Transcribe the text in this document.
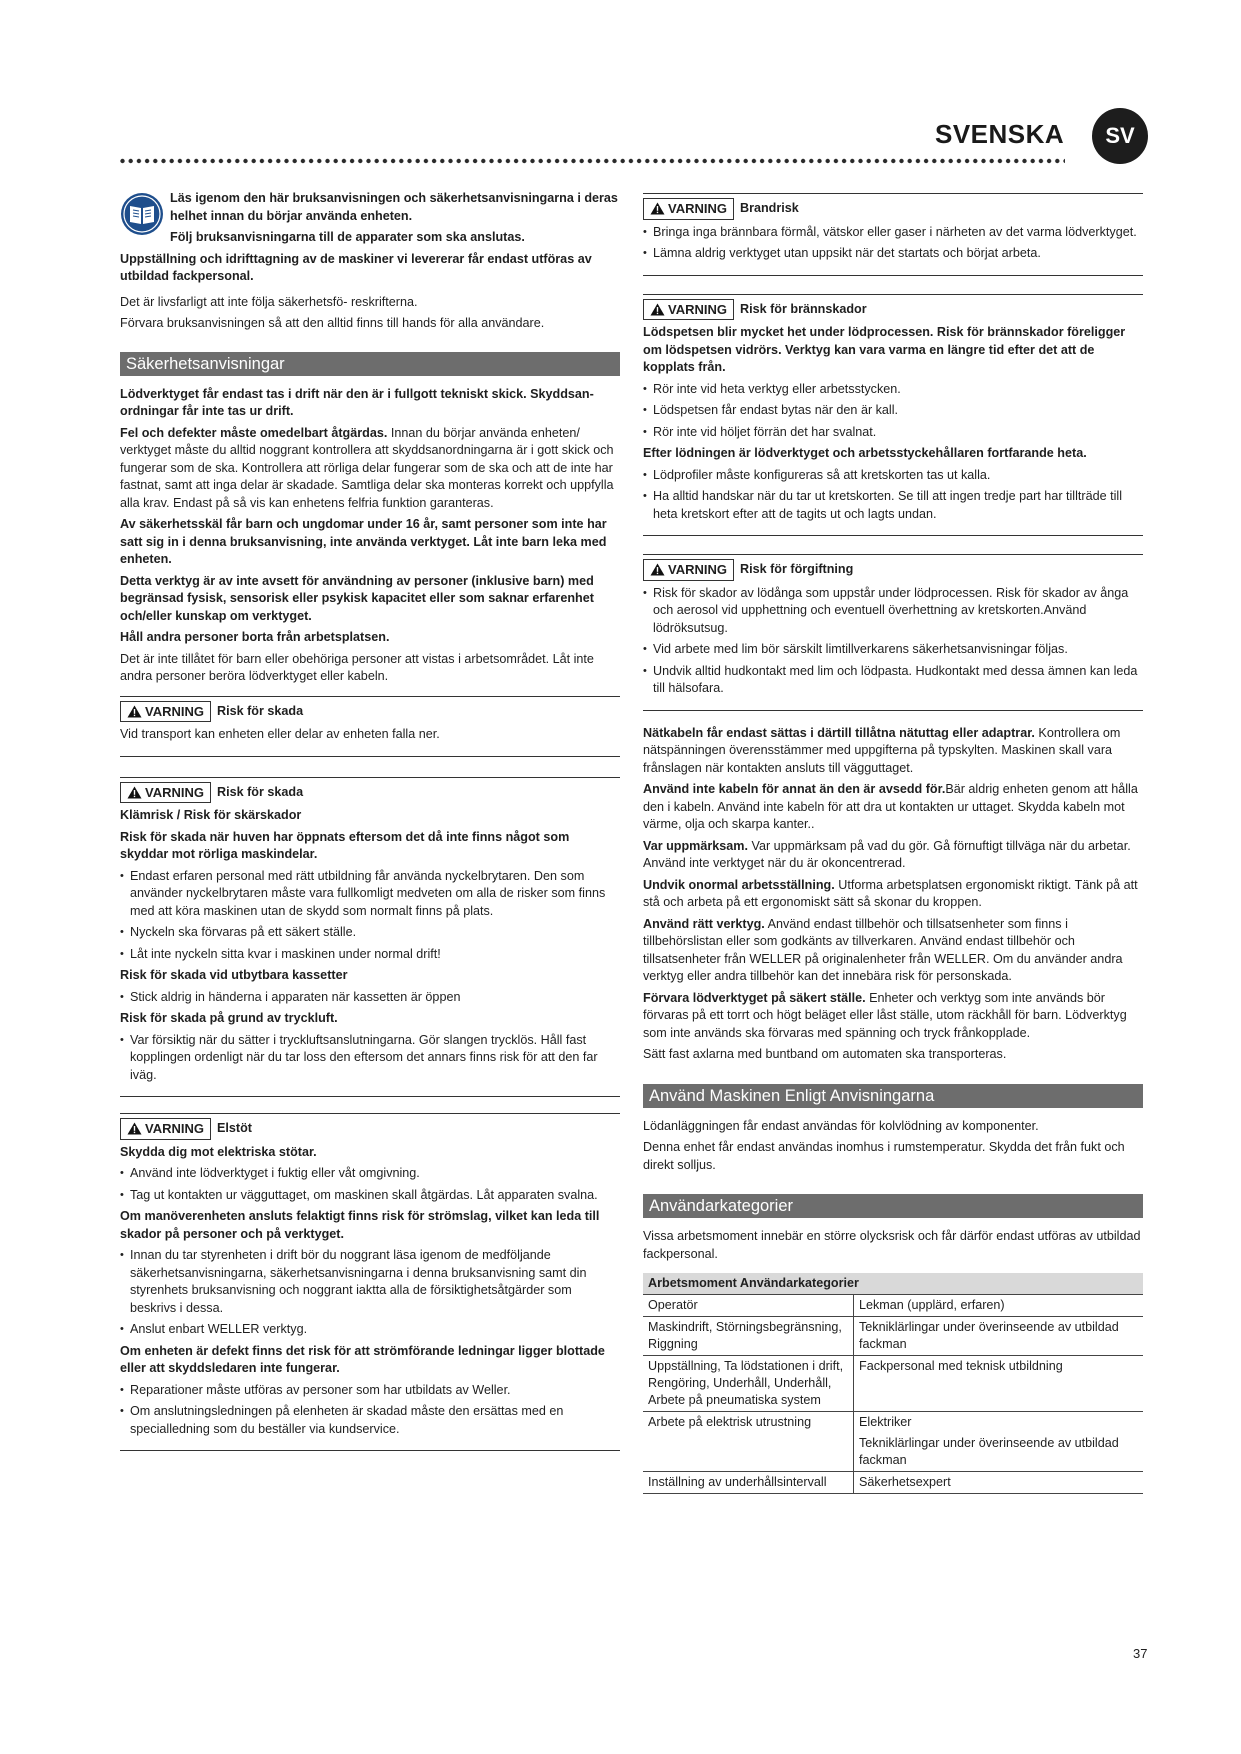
SVENSKA	SV

Läs igenom den här bruksanvisningen och säkerhetsanvisningarna i deras helhet innan du börjar använda enheten.

Följ bruksanvisningarna till de apparater som ska anslutas.

Uppställning och idrifttagning av de maskiner vi levererar får endast utföras av utbildad fackpersonal.

Det är livsfarligt att inte följa säkerhetsfö- reskrifterna.

Förvara bruksanvisningen så att den alltid finns till hands för alla användare.

Säkerhetsanvisningar

Lödverktyget får endast tas i drift när den är i fullgott tekniskt skick. Skyddsan- ordningar får inte tas ur drift.

Fel och defekter måste omedelbart åtgärdas. Innan du börjar använda enheten/ verktyget måste du alltid noggrant kontrollera att skyddsanordningarna är i gott skick och fungerar som de ska. Kontrollera att rörliga delar fungerar som de ska och att de inte har fastnat, samt att inga delar är skadade. Samtliga delar ska monteras korrekt och uppfylla alla krav. Endast på så vis kan enhetens felfria funktion garanteras.

Av säkerhetsskäl får barn och ungdomar under 16 år, samt personer som inte har satt sig in i denna bruksanvisning, inte använda verktyget. Låt inte barn leka med enheten.

Detta verktyg är av inte avsett för användning av personer (inklusive barn) med begränsad fysisk, sensorisk eller psykisk kapacitet eller som saknar erfarenhet och/eller kunskap om verktyget.

Håll andra personer borta från arbetsplatsen.

Det är inte tillåtet för barn eller obehöriga personer att vistas i arbetsområdet. Låt inte andra personer beröra lödverktyget eller kabeln.

VARNING	Risk för skada

Vid transport kan enheten eller delar av enheten falla ner.

VARNING	Risk för skada

Klämrisk / Risk för skärskador

Risk för skada när huven har öppnats eftersom det då inte finns något som skyddar mot rörliga maskindelar.

• Endast erfaren personal med rätt utbildning får använda nyckelbrytaren. Den som använder nyckelbrytaren måste vara fullkomligt medveten om alla de risker som finns med att köra maskinen utan de skydd som normalt finns på plats.
• Nyckeln ska förvaras på ett säkert ställe.
• Låt inte nyckeln sitta kvar i maskinen under normal drift!

Risk för skada vid utbytbara kassetter

• Stick aldrig in händerna i apparaten när kassetten är öppen

Risk för skada på grund av tryckluft.

• Var försiktig när du sätter i tryckluftsanslutningarna. Gör slangen trycklös. Håll fast kopplingen ordenligt när du tar loss den eftersom det annars finns risk för att den far iväg.
VARNING	Elstöt

Skydda dig mot elektriska stötar.

• Använd inte lödverktyget i fuktig eller våt omgivning.
• Tag ut kontakten ur vägguttaget, om maskinen skall åtgärdas. Låt apparaten svalna.

Om manöverenheten ansluts felaktigt finns risk för strömslag, vilket kan leda till skador på personer och på verktyget.

• Innan du tar styrenheten i drift bör du noggrant läsa igenom de medföljande säkerhetsanvisningarna, säkerhetsanvisningarna i denna bruksanvisning samt din styrenhets bruksanvisning och noggrant iaktta alla de försiktighetsåtgärder som beskrivs i dessa.
• Anslut enbart WELLER verktyg.

Om enheten är defekt finns det risk för att strömförande ledningar ligger blottade eller att skyddsledaren inte fungerar.

• Reparationer måste utföras av personer som har utbildats av Weller.
• Om anslutningsledningen på elenheten är skadad måste den ersättas med en specialledning som du beställer via kundservice.
VARNING	Brandrisk
• Bringa inga brännbara förmål, vätskor eller gaser i närheten av det varma lödverktyget.
• Lämna aldrig verktyget utan uppsikt när det startats och börjat arbeta.
VARNING	Risk för brännskador

Lödspetsen blir mycket het under lödprocessen. Risk för brännskador föreligger om lödspetsen vidrörs. Verktyg kan vara varma en längre tid efter det att de kopplats från.

• Rör inte vid heta verktyg eller arbetsstycken.
• Lödspetsen får endast bytas när den är kall.
• Rör inte vid höljet förrän det har svalnat.

Efter lödningen är lödverktyget och arbetsstyckehållaren fortfarande heta.

• Lödprofiler måste konfigureras så att kretskorten tas ut kalla.
• Ha alltid handskar när du tar ut kretskorten. Se till att ingen tredje part har tillträde till heta kretskort efter att de tagits ut och lagts undan.
VARNING	Risk för förgiftning
• Risk för skador av lödånga som uppstår under lödprocessen. Risk för skador av ånga och aerosol vid upphettning och eventuell överhettning av kretskorten.Använd lödröksutsug.
• Vid arbete med lim bör särskilt limtillverkarens säkerhetsanvisningar följas.
• Undvik alltid hudkontakt med lim och lödpasta. Hudkontakt med dessa ämnen kan leda till hälsofara.

Nätkabeln får endast sättas i därtill tillåtna nätuttag eller adaptrar. Kontrollera om nätspänningen överensstämmer med uppgifterna på typskylten. Maskinen skall vara frånslagen när kontakten ansluts till vägguttaget.

Använd inte kabeln för annat än den är avsedd för.Bär aldrig enheten genom att hålla den i kabeln. Använd inte kabeln för att dra ut kontakten ur uttaget. Skydda kabeln mot värme, olja och skarpa kanter..

Var uppmärksam. Var uppmärksam på vad du gör. Gå förnuftigt tillväga när du arbetar. Använd inte verktyget när du är okoncentrerad.

Undvik onormal arbetsställning. Utforma arbetsplatsen ergonomiskt riktigt. Tänk på att stå och arbeta på ett ergonomiskt sätt så skonar du kroppen.

Använd rätt verktyg. Använd endast tillbehör och tillsatsenheter som finns i tillbehörslistan eller som godkänts av tillverkaren. Använd endast tillbehör och tillsatsenheter från WELLER på originalenheter från WELLER. Om du använder andra verktyg eller andra tillbehör kan det innebära risk för personskada.

Förvara lödverktyget på säkert ställe. Enheter och verktyg som inte används bör förvaras på ett torrt och högt beläget eller låst ställe, utom räckhåll för barn. Lödverktyg som inte används ska förvaras med spänning och tryck frånkopplade.

Sätt fast axlarna med buntband om automaten ska transporteras.

Använd Maskinen Enligt Anvisningarna

Lödanläggningen får endast användas för kolvlödning av komponenter.

Denna enhet får endast användas inomhus i rumstemperatur. Skydda det från fukt och direkt solljus.

Användarkategorier

Vissa arbetsmoment innebär en större olycksrisk och får därför endast utföras av utbildad fackpersonal.

Arbetsmoment Användarkategorier	
Operatör	Lekman (upplärd, erfaren)
Maskindrift, Störningsbegränsning, Riggning	Tekniklärlingar under överinseende av utbildad fackman
Uppställning, Ta lödstationen i drift, Rengöring, Underhåll, Underhåll, Arbete på pneumatiska system	Fackpersonal med teknisk utbildning
Arbete på elektrisk utrustning	Elektriker
	Tekniklärlingar under överinseende av utbildad fackman
Inställning av underhållsintervall	Säkerhetsexpert
37
